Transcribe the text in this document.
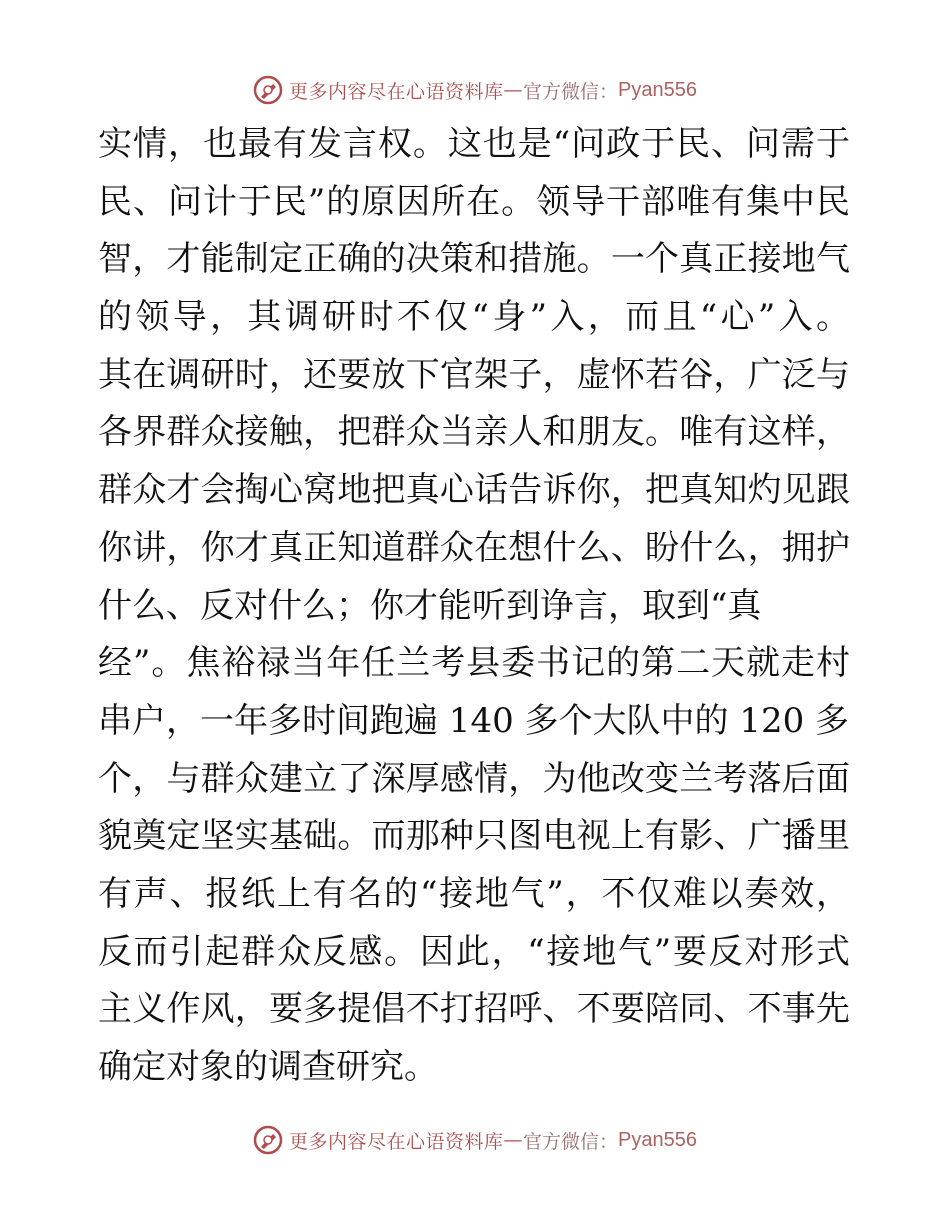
更多内容尽在心语资料库 — 官方微信： Pyan556
实情，也最有发言权。这也是“问政于民、问需于
民、问计于民”的原因所在。领导干部唯有集中民
智，才能制定正确的决策和措施。一个真正接地气
的领导，其调研时不仅“身”入，而且“心”入。
其在调研时，还要放下官架子，虚怀若谷，广泛与
各界群众接触，把群众当亲人和朋友。唯有这样，
群众才会掏心窝地把真心话告诉你，把真知灼见跟
你讲，你才真正知道群众在想什么、盼什么，拥护
什么、反对什么；你才能听到诤言，取到“真
经”。焦裕禄当年任兰考县委书记的第二天就走村
串户，一年多时间跑遍 140 多个大队中的 120 多
个，与群众建立了深厚感情，为他改变兰考落后面
貌奠定坚实基础。而那种只图电视上有影、广播里
有声、报纸上有名的“接地气”，不仅难以奏效，
反而引起群众反感。因此，“接地气”要反对形式
主义作风，要多提倡不打招呼、不要陪同、不事先
确定对象的调查研究。
更多内容尽在心语资料库 — 官方微信： Pyan556
